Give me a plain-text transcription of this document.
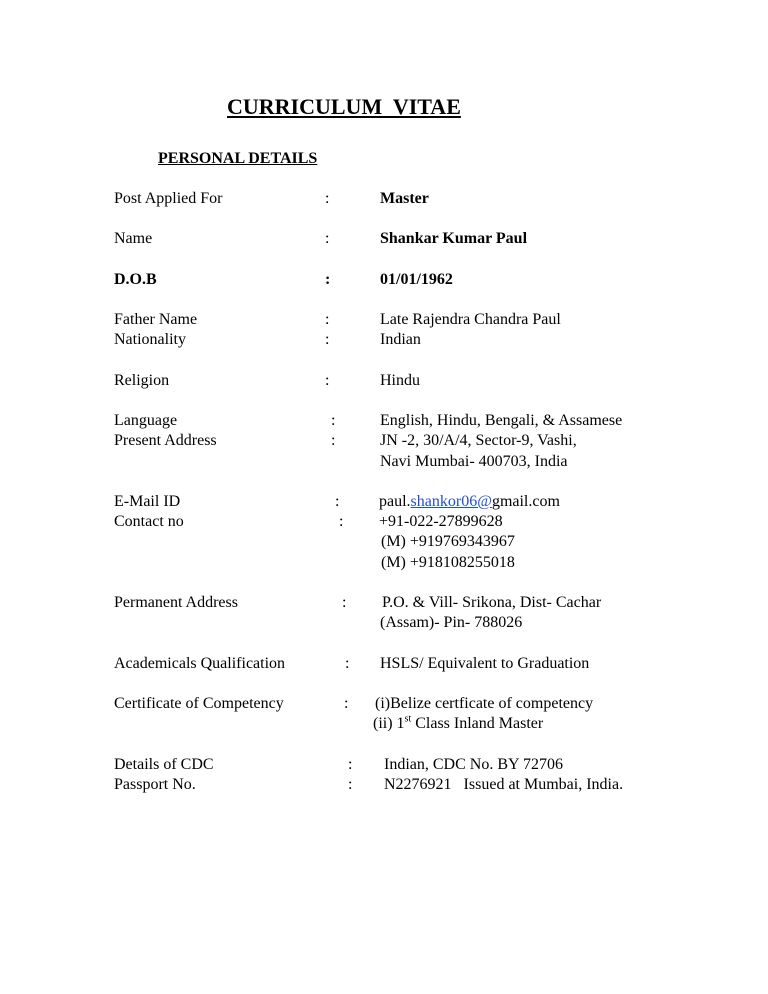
CURRICULUM  VITAE
PERSONAL DETAILS
Post Applied For	:	Master
Name	:	Shankar Kumar Paul
D.O.B	:	01/01/1962
Father Name	:	Late Rajendra Chandra Paul
Nationality	:	Indian
Religion	:	Hindu
Language	:	English, Hindu, Bengali, & Assamese
Present Address	:	JN -2, 30/A/4, Sector-9, Vashi,
Navi Mumbai- 400703, India
E-Mail ID	: paul.shankor06@gmail.com
Contact no	: +91-022-27899628
(M) +919769343967
(M) +918108255018
Permanent Address	: P.O. & Vill- Srikona, Dist- Cachar
(Assam)- Pin- 788026
Academicals Qualification	: HSLS/ Equivalent to Graduation
Certificate of Competency	: (i)Belize certficate of competency
(ii) 1st Class Inland Master
Details of CDC	: Indian, CDC No. BY 72706
Passport No.	: N2276921   Issued at Mumbai, India.
